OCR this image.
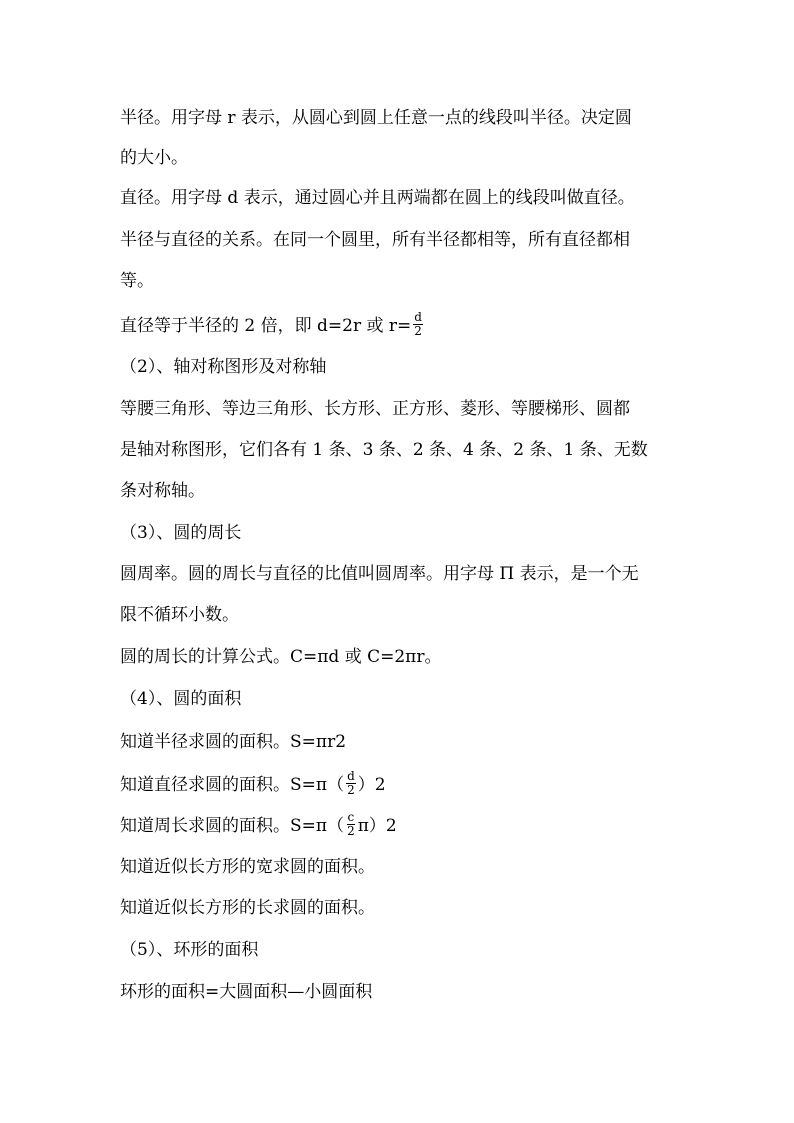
半径。用字母 r 表示，从圆心到圆上任意一点的线段叫半径。决定圆
的大小。
直径。用字母 d 表示，通过圆心并且两端都在圆上的线段叫做直径。
半径与直径的关系。在同一个圆里，所有半径都相等，所有直径都相
等。
直径等于半径的 2 倍，即 d=2r 或 $r= \frac{d}{2}$
（2）、轴对称图形及对称轴
等腰三角形、等边三角形、长方形、正方形、菱形、等腰梯形、圆都
是轴对称图形，它们各有 1 条、3 条、2 条、4 条、2 条、1 条、无数
条对称轴。
（3）、圆的周长
圆周率。圆的周长与直径的比值叫圆周率。用字母 Π 表示，是一个无
限不循环小数。
圆的周长的计算公式。C=πd 或 C=2πr。
（4）、圆的面积
知道半径求圆的面积。S=πr2
知道直径求圆的面积。$S=\pi( \frac{d}{2} )2$
知道周长求圆的面积。$S=\pi( \frac{c}{2} \pi)2$
知道近似长方形的宽求圆的面积。
知道近似长方形的长求圆的面积。
（5）、环形的面积
环形的面积=大圆面积—小圆面积
